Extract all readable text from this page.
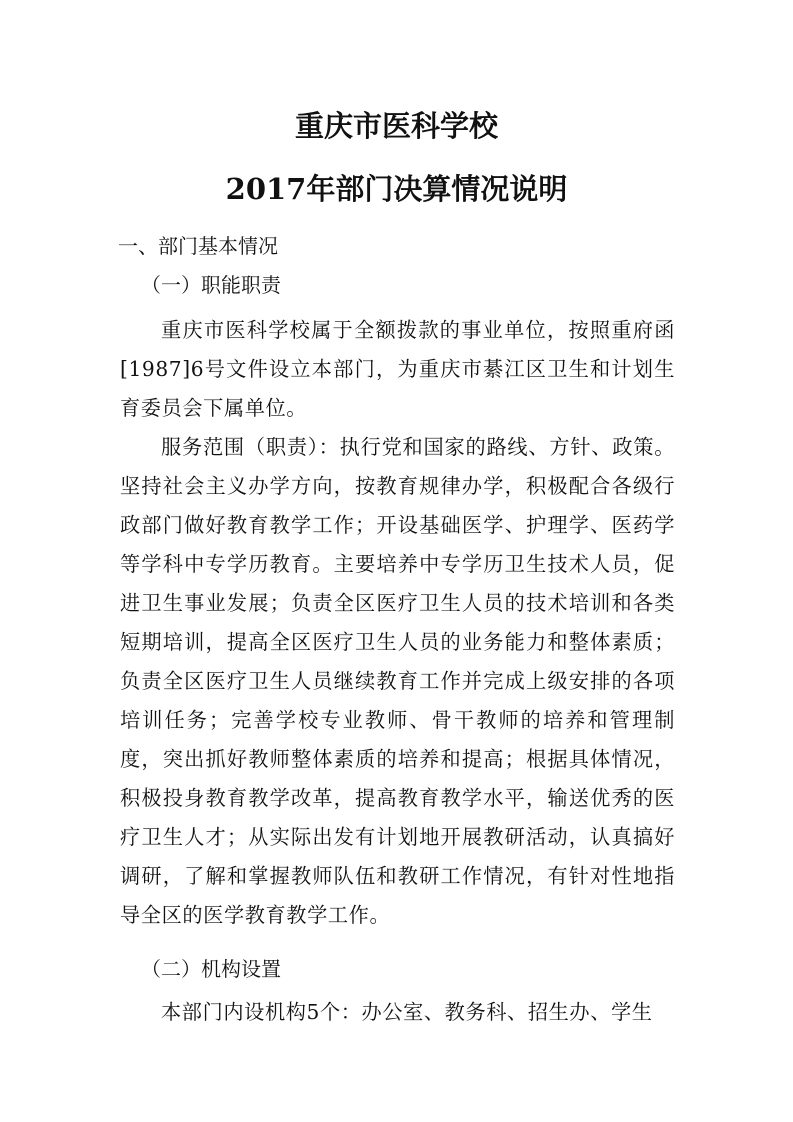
重庆市医科学校
2017年部门决算情况说明
一、部门基本情况
（一）职能职责
重庆市医科学校属于全额拨款的事业单位，按照重府函[1987]6号文件设立本部门，为重庆市綦江区卫生和计划生育委员会下属单位。
服务范围（职责）：执行党和国家的路线、方针、政策。坚持社会主义办学方向，按教育规律办学，积极配合各级行政部门做好教育教学工作；开设基础医学、护理学、医药学等学科中专学历教育。主要培养中专学历卫生技术人员，促进卫生事业发展；负责全区医疗卫生人员的技术培训和各类短期培训，提高全区医疗卫生人员的业务能力和整体素质；负责全区医疗卫生人员继续教育工作并完成上级安排的各项培训任务；完善学校专业教师、骨干教师的培养和管理制度，突出抓好教师整体素质的培养和提高；根据具体情况，积极投身教育教学改革，提高教育教学水平，输送优秀的医疗卫生人才；从实际出发有计划地开展教研活动，认真搞好调研，了解和掌握教师队伍和教研工作情况，有针对性地指导全区的医学教育教学工作。
（二）机构设置
本部门内设机构5个：办公室、教务科、招生办、学生
